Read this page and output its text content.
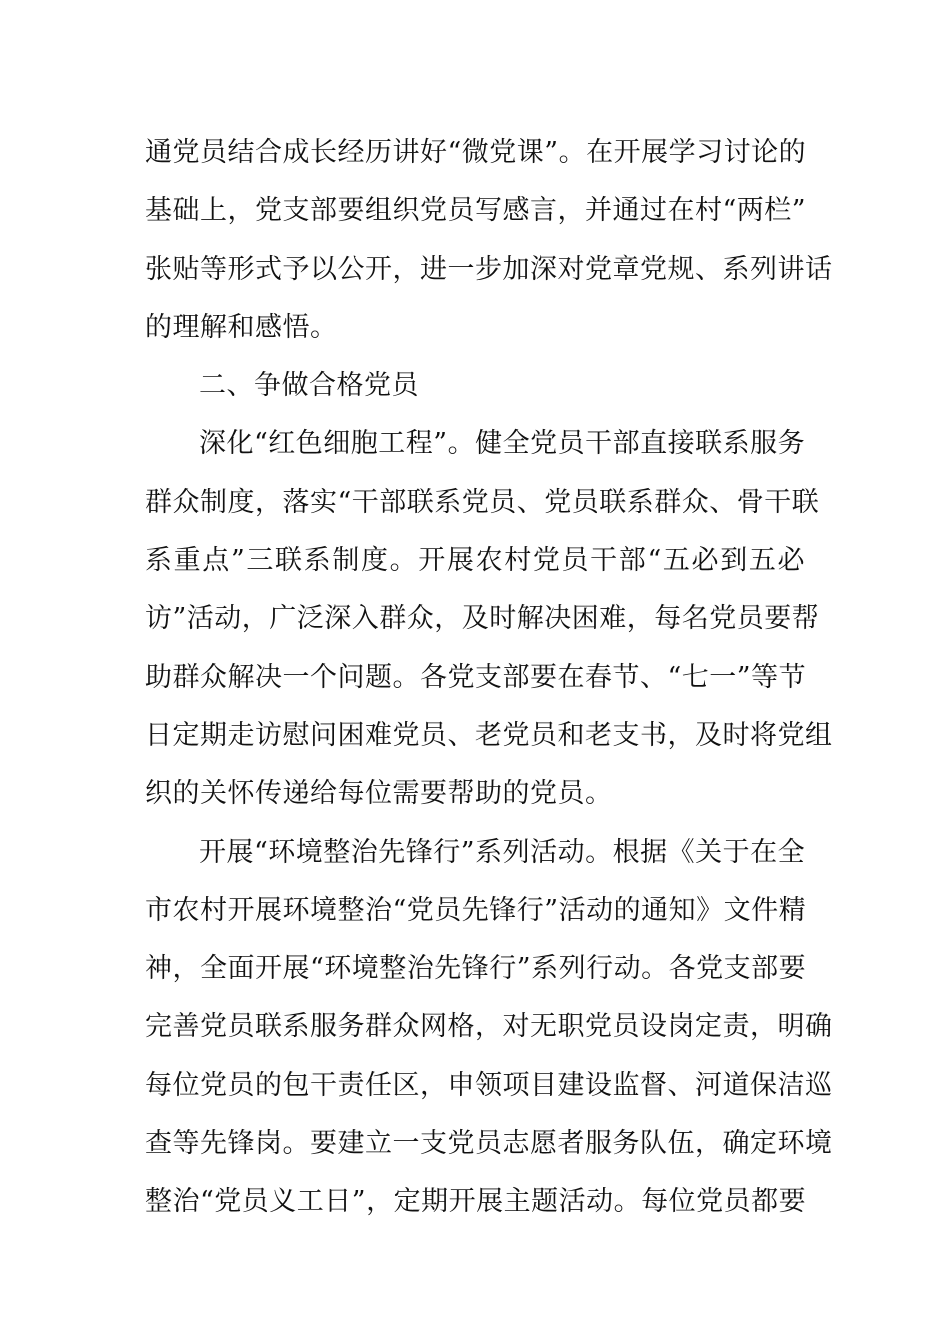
通党员结合成长经历讲好“微党课”。在开展学习讨论的
基础上，党支部要组织党员写感言，并通过在村“两栏”
张贴等形式予以公开，进一步加深对党章党规、系列讲话
的理解和感悟。
二、争做合格党员
深化“红色细胞工程”。健全党员干部直接联系服务
群众制度，落实“干部联系党员、党员联系群众、骨干联
系重点”三联系制度。开展农村党员干部“五必到五必
访”活动，广泛深入群众，及时解决困难，每名党员要帮
助群众解决一个问题。各党支部要在春节、“七一”等节
日定期走访慰问困难党员、老党员和老支书，及时将党组
织的关怀传递给每位需要帮助的党员。
开展“环境整治先锋行”系列活动。根据《关于在全
市农村开展环境整治“党员先锋行”活动的通知》文件精
神，全面开展“环境整治先锋行”系列行动。各党支部要
完善党员联系服务群众网格，对无职党员设岗定责，明确
每位党员的包干责任区，申领项目建设监督、河道保洁巡
查等先锋岗。要建立一支党员志愿者服务队伍，确定环境
整治“党员义工日”，定期开展主题活动。每位党员都要
